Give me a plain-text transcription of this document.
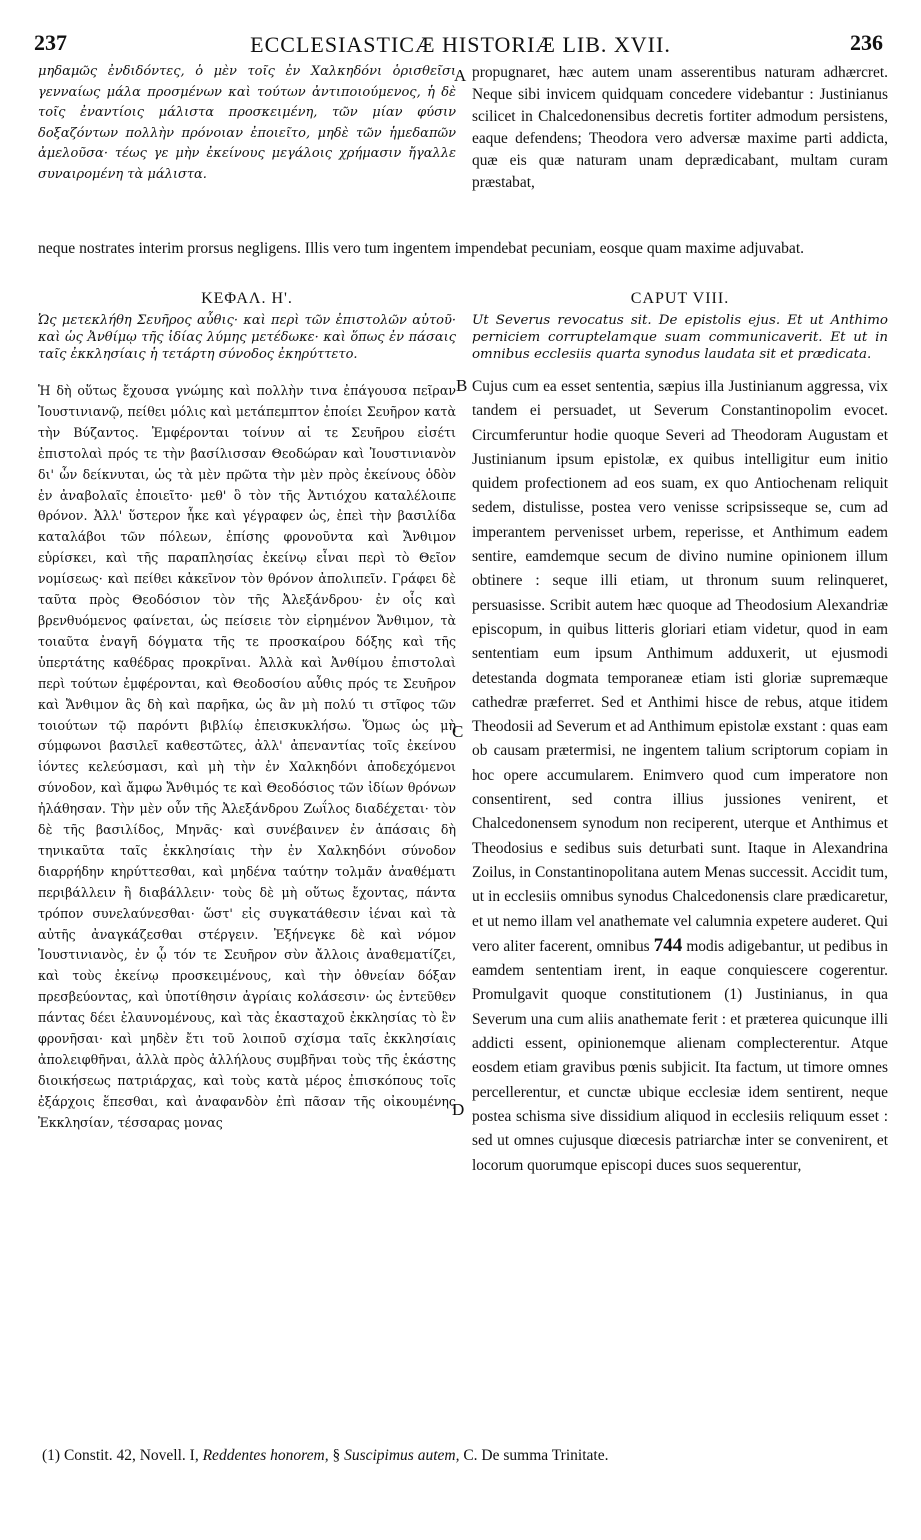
237	ECCLESIASTICÆ HISTORIÆ LIB. XVII.	236
μηδαμῶς ἐνδιδόντες, ὁ μὲν τοῖς ἐν Χαλκηδόνι ὁρισθεῖσι γενναίως μάλα προσμένων καὶ τούτων ἀντιποιούμενος, ἡ δὲ τοῖς ἐναντίοις μάλιστα προσκειμένη, τῶν μίαν φύσιν δοξαζόντων πολλὴν πρόνοιαν ἐποιεῖτο, μηδὲ τῶν ἡμεδαπῶν ἀμελοῦσα· τέως γε μὴν ἐκείνους μεγάλοις χρήμασιν ἤγαλλε συναιρομένη τὰ μάλιστα.
propugnaret, hæc autem unam asserentibus naturam adhærcret. Neque sibi invicem quidquam concedere videbantur : Justinianus scilicet in Chalcedonensibus decretis fortiter admodum persistens, eaque defendens; Theodora vero adversæ maxime parti addicta, quæ eis quæ naturam unam deprædicabant, multam curam præstabat,
neque nostrates interim prorsus negligens. Illis vero tum ingentem impendebat pecuniam, eosque quam maxime adjuvabat.
ΚΕΦΑΛ. Η'.
Ὡς μετεκλήθη Σευῆρος αὖθις· καὶ περὶ τῶν ἐπιστολῶν αὐτοῦ· καὶ ὡς Ἀνθίμῳ τῆς ἰδίας λύμης μετέδωκε· καὶ ὅπως ἐν πάσαις ταῖς ἐκκλησίαις ἡ τετάρτη σύνοδος ἐκηρύττετο.
Ἡ δὴ οὕτως ἔχουσα γνώμης καὶ πολλὴν τινα ἐπάγουσα πεῖραν Ἰουστινιανῷ, πείθει μόλις καὶ μετάπεμπτον ἐποίει Σευῆρον κατὰ τὴν Βύζαντος. Ἐμφέρονται τοίνυν αἱ τε Σευῆρου εἰσέτι ἐπιστολαὶ πρός τε τὴν βασίλισσαν Θεοδώραν καὶ Ἰουστινιανὸν δι' ὧν δείκνυται, ὡς τὰ μὲν πρῶτα τὴν μὲν πρὸς ἐκείνους ὁδὸν ἐν ἀναβολαῖς ἐποιεῖτο· μεθ' ὃ τὸν τῆς Ἀντιόχου καταλέλοιπε θρόνον. Ἀλλ' ὕστερον ἧκε καὶ γέγραφεν ὡς, ἐπεὶ τὴν βασιλίδα καταλάβοι τῶν πόλεων, ἐπίσης φρονοῦντα καὶ Ἄνθιμον εὑρίσκει, καὶ τῆς παραπλησίας ἐκείνῳ εἶναι περὶ τὸ Θεῖον νομίσεως· καὶ πείθει κἀκεῖνον τὸν θρόνον ἀπολιπεῖν. Γράφει δὲ ταῦτα πρὸς Θεοδόσιον τὸν τῆς Ἀλεξάνδρου· ἐν οἷς καὶ βρενθυόμενος φαίνεται, ὡς πείσειε τὸν εἰρημένον Ἄνθιμον, τὰ τοιαῦτα ἐναγῆ δόγματα τῆς τε προσκαίρου δόξης καὶ τῆς ὑπερτάτης καθέδρας προκρῖναι. Ἀλλὰ καὶ Ἀνθίμου ἐπιστολαὶ περὶ τούτων ἐμφέρονται, καὶ Θεοδοσίου αὖθις πρός τε Σευῆρον καὶ Ἄνθιμον ἃς δὴ καὶ παρῆκα, ὡς ἂν μὴ πολύ τι στῖφος τῶν τοιούτων τῷ παρόντι βιβλίῳ ἐπεισκυκλήσω. Ὅμως ὡς μὴ σύμφωνοι βασιλεῖ καθεστῶτες, ἀλλ' ἀπεναντίας τοῖς ἐκείνου ἰόντες κελεύσμασι, καὶ μὴ τὴν ἐν Χαλκηδόνι ἀποδεχόμενοι σύνοδον, καὶ ἄμφω Ἄνθιμός τε καὶ Θεοδόσιος τῶν ἰδίων θρόνων ἠλάθησαν. Τὴν μὲν οὖν τῆς Ἀλεξάνδρου Ζωΐλος διαδέχεται· τὸν δὲ τῆς βασιλίδος, Μηνᾶς· καὶ συνέβαινεν ἐν ἁπάσαις δὴ τηνικαῦτα ταῖς ἐκκλησίαις τὴν ἐν Χαλκηδόνι σύνοδον διαρρήδην κηρύττεσθαι, καὶ μηδένα ταύτην τολμᾶν ἀναθέματι περιβάλλειν ἢ διαβάλλειν· τοὺς δὲ μὴ οὕτως ἔχοντας, πάντα τρόπον συνελαύνεσθαι· ὥστ' εἰς συγκατάθεσιν ἰέναι καὶ τὰ αὐτῆς ἀναγκάζεσθαι στέργειν. Ἐξήνεγκε δὲ καὶ νόμον Ἰουστινιανὸς, ἐν ᾧ τόν τε Σευῆρον σὺν ἄλλοις ἀναθεματίζει, καὶ τοὺς ἐκείνῳ προσκειμένους, καὶ τὴν ὀθνείαν δόξαν πρεσβεύοντας, καὶ ὑποτίθησιν ἀγρίαις κολάσεσιν· ὡς ἐντεῦθεν πάντας δέει ἐλαυνομένους, καὶ τὰς ἑκασταχοῦ ἐκκλησίας τὸ ἓν φρονῆσαι· καὶ μηδὲν ἔτι τοῦ λοιποῦ σχίσμα ταῖς ἐκκλησίαις ἀπολειφθῆναι, ἀλλὰ πρὸς ἀλλήλους συμβῆναι τοὺς τῆς ἑκάστης διοικήσεως πατριάρχας, καὶ τοὺς κατὰ μέρος ἐπισκόπους τοῖς ἐξάρχοις ἕπεσθαι, καὶ ἀναφανδὸν ἐπὶ πᾶσαν τῆς οἰκουμένης Ἐκκλησίαν, τέσσαρας μονας
CAPUT VIII.
Ut Severus revocatus sit. De epistolis ejus. Et ut Anthimo perniciem corruptelamque suam communicaverit. Et ut in omnibus ecclesiis quarta synodus laudata sit et prædicata.
Cujus cum ea esset sententia, sæpius illa Justinianum aggressa, vix tandem ei persuadet, ut Severum Constantinopolim evocet. Circumferuntur hodie quoque Severi ad Theodoram Augustam et Justinianum ipsum epistolæ, ex quibus intelligitur eum initio quidem profectionem ad eos suam, ex quo Antiochenam reliquit sedem, distulisse, postea vero venisse scripsisseque se, cum ad imperantem pervenisset urbem, reperisse, et Anthimum eadem sentire, eamdemque secum de divino numine opinionem illum obtinere : seque illi etiam, ut thronum suum relinqueret, persuasisse. Scribit autem hæc quoque ad Theodosium Alexandriæ episcopum, in quibus litteris gloriari etiam videtur, quod in eam sententiam eum ipsum Anthimum adduxerit, ut ejusmodi detestanda dogmata temporaneæ etiam isti gloriæ supremæque cathedræ præferret. Sed et Anthimi hisce de rebus, atque itidem Theodosii ad Severum et ad Anthimum epistolæ exstant : quas eam ob causam prætermisi, ne ingentem talium scriptorum copiam in hoc opere accumularem. Enimvero quod cum imperatore non consentirent, sed contra illius jussiones venirent, et Chalcedonensem synodum non reciperent, uterque et Anthimus et Theodosius e sedibus suis deturbati sunt. Itaque in Alexandrina Zoilus, in Constantinopolitana autem Menas successit. Accidit tum, ut in ecclesiis omnibus synodus Chalcedonensis clare prædicaretur, et ut nemo illam vel anathemate vel calumnia expetere auderet. Qui vero aliter facerent, omnibus 744 modis adigebantur, ut pedibus in eamdem sententiam irent, in eaque conquiescere cogerentur. Promulgavit quoque constitutionem (1) Justinianus, in qua Severum una cum aliis anathemate ferit : et præterea quicunque illi addicti essent, opinionemque alienam complecterentur. Atque eosdem etiam gravibus pœnis subjicit. Ita factum, ut timore omnes percellerentur, et cunctæ ubique ecclesiæ idem sentirent, neque postea schisma sive dissidium aliquod in ecclesiis reliquum esset : sed ut omnes cujusque diœcesis patriarchæ inter se convenirent, et locorum quorumque episcopi duces suos sequerentur,
A
B
C
D
(1) Constit. 42, Novell. I, Reddentes honorem, § Suscipimus autem, C. De summa Trinitate.
